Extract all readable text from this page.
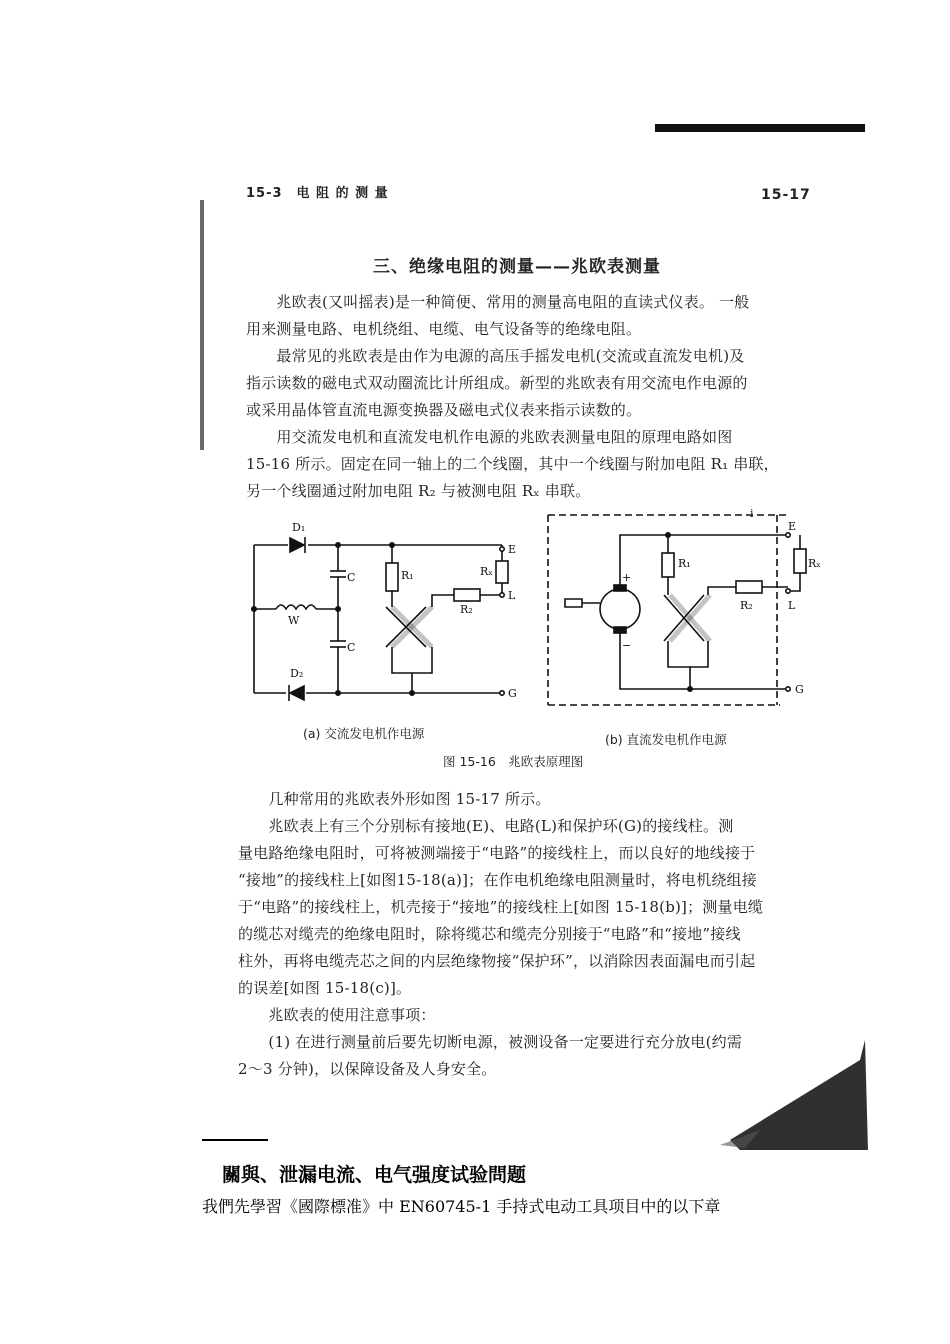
15-3　电 阻 的 测 量	15-17
三、绝缘电阻的测量——兆欧表测量
　　兆欧表(又叫摇表)是一种简便、常用的测量高电阻的直读式仪表。 一般
用来测量电路、电机绕组、电缆、电气设备等的绝缘电阻。
　　最常见的兆欧表是由作为电源的高压手摇发电机(交流或直流发电机)及
指示读数的磁电式双动圈流比计所组成。新型的兆欧表有用交流电作电源的
或采用晶体管直流电源变换器及磁电式仪表来指示读数的。
　　用交流发电机和直流发电机作电源的兆欧表测量电阻的原理电路如图
15-16 所示。固定在同一轴上的二个线圈，其中一个线圈与附加电阻 R₁ 串联，
另一个线圈通过附加电阻 R₂ 与被测电阻 Rₓ 串联。
D₁
D₂
C
C
W
R₁	Rₓ
R₂
E
L
G
+
−
R₁
R₂
Rₓ
E
L
G
i
(a) 交流发电机作电源	(b) 直流发电机作电源
图 15-16　兆欧表原理图
　　几种常用的兆欧表外形如图 15-17 所示。
　　兆欧表上有三个分别标有接地(E)、电路(L)和保护环(G)的接线柱。测
量电路绝缘电阻时，可将被测端接于“电路”的接线柱上，而以良好的地线接于
“接地”的接线柱上[如图15-18(a)]；在作电机绝缘电阻测量时，将电机绕组接
于“电路”的接线柱上，机壳接于“接地”的接线柱上[如图 15-18(b)]；测量电缆
的缆芯对缆壳的绝缘电阻时，除将缆芯和缆壳分别接于“电路”和“接地”接线
柱外，再将电缆壳芯之间的内层绝缘物接“保护环”，以消除因表面漏电而引起
的误差[如图 15-18(c)]。
　　兆欧表的使用注意事项：
　　(1) 在进行测量前后要先切断电源，被测设备一定要进行充分放电(约需
2～3 分钟)，以保障设备及人身安全。
關與、泄漏电流、电气强度试验問题
我們先學習《國際標准》中 EN60745-1 手持式电动工具项目中的以下章
